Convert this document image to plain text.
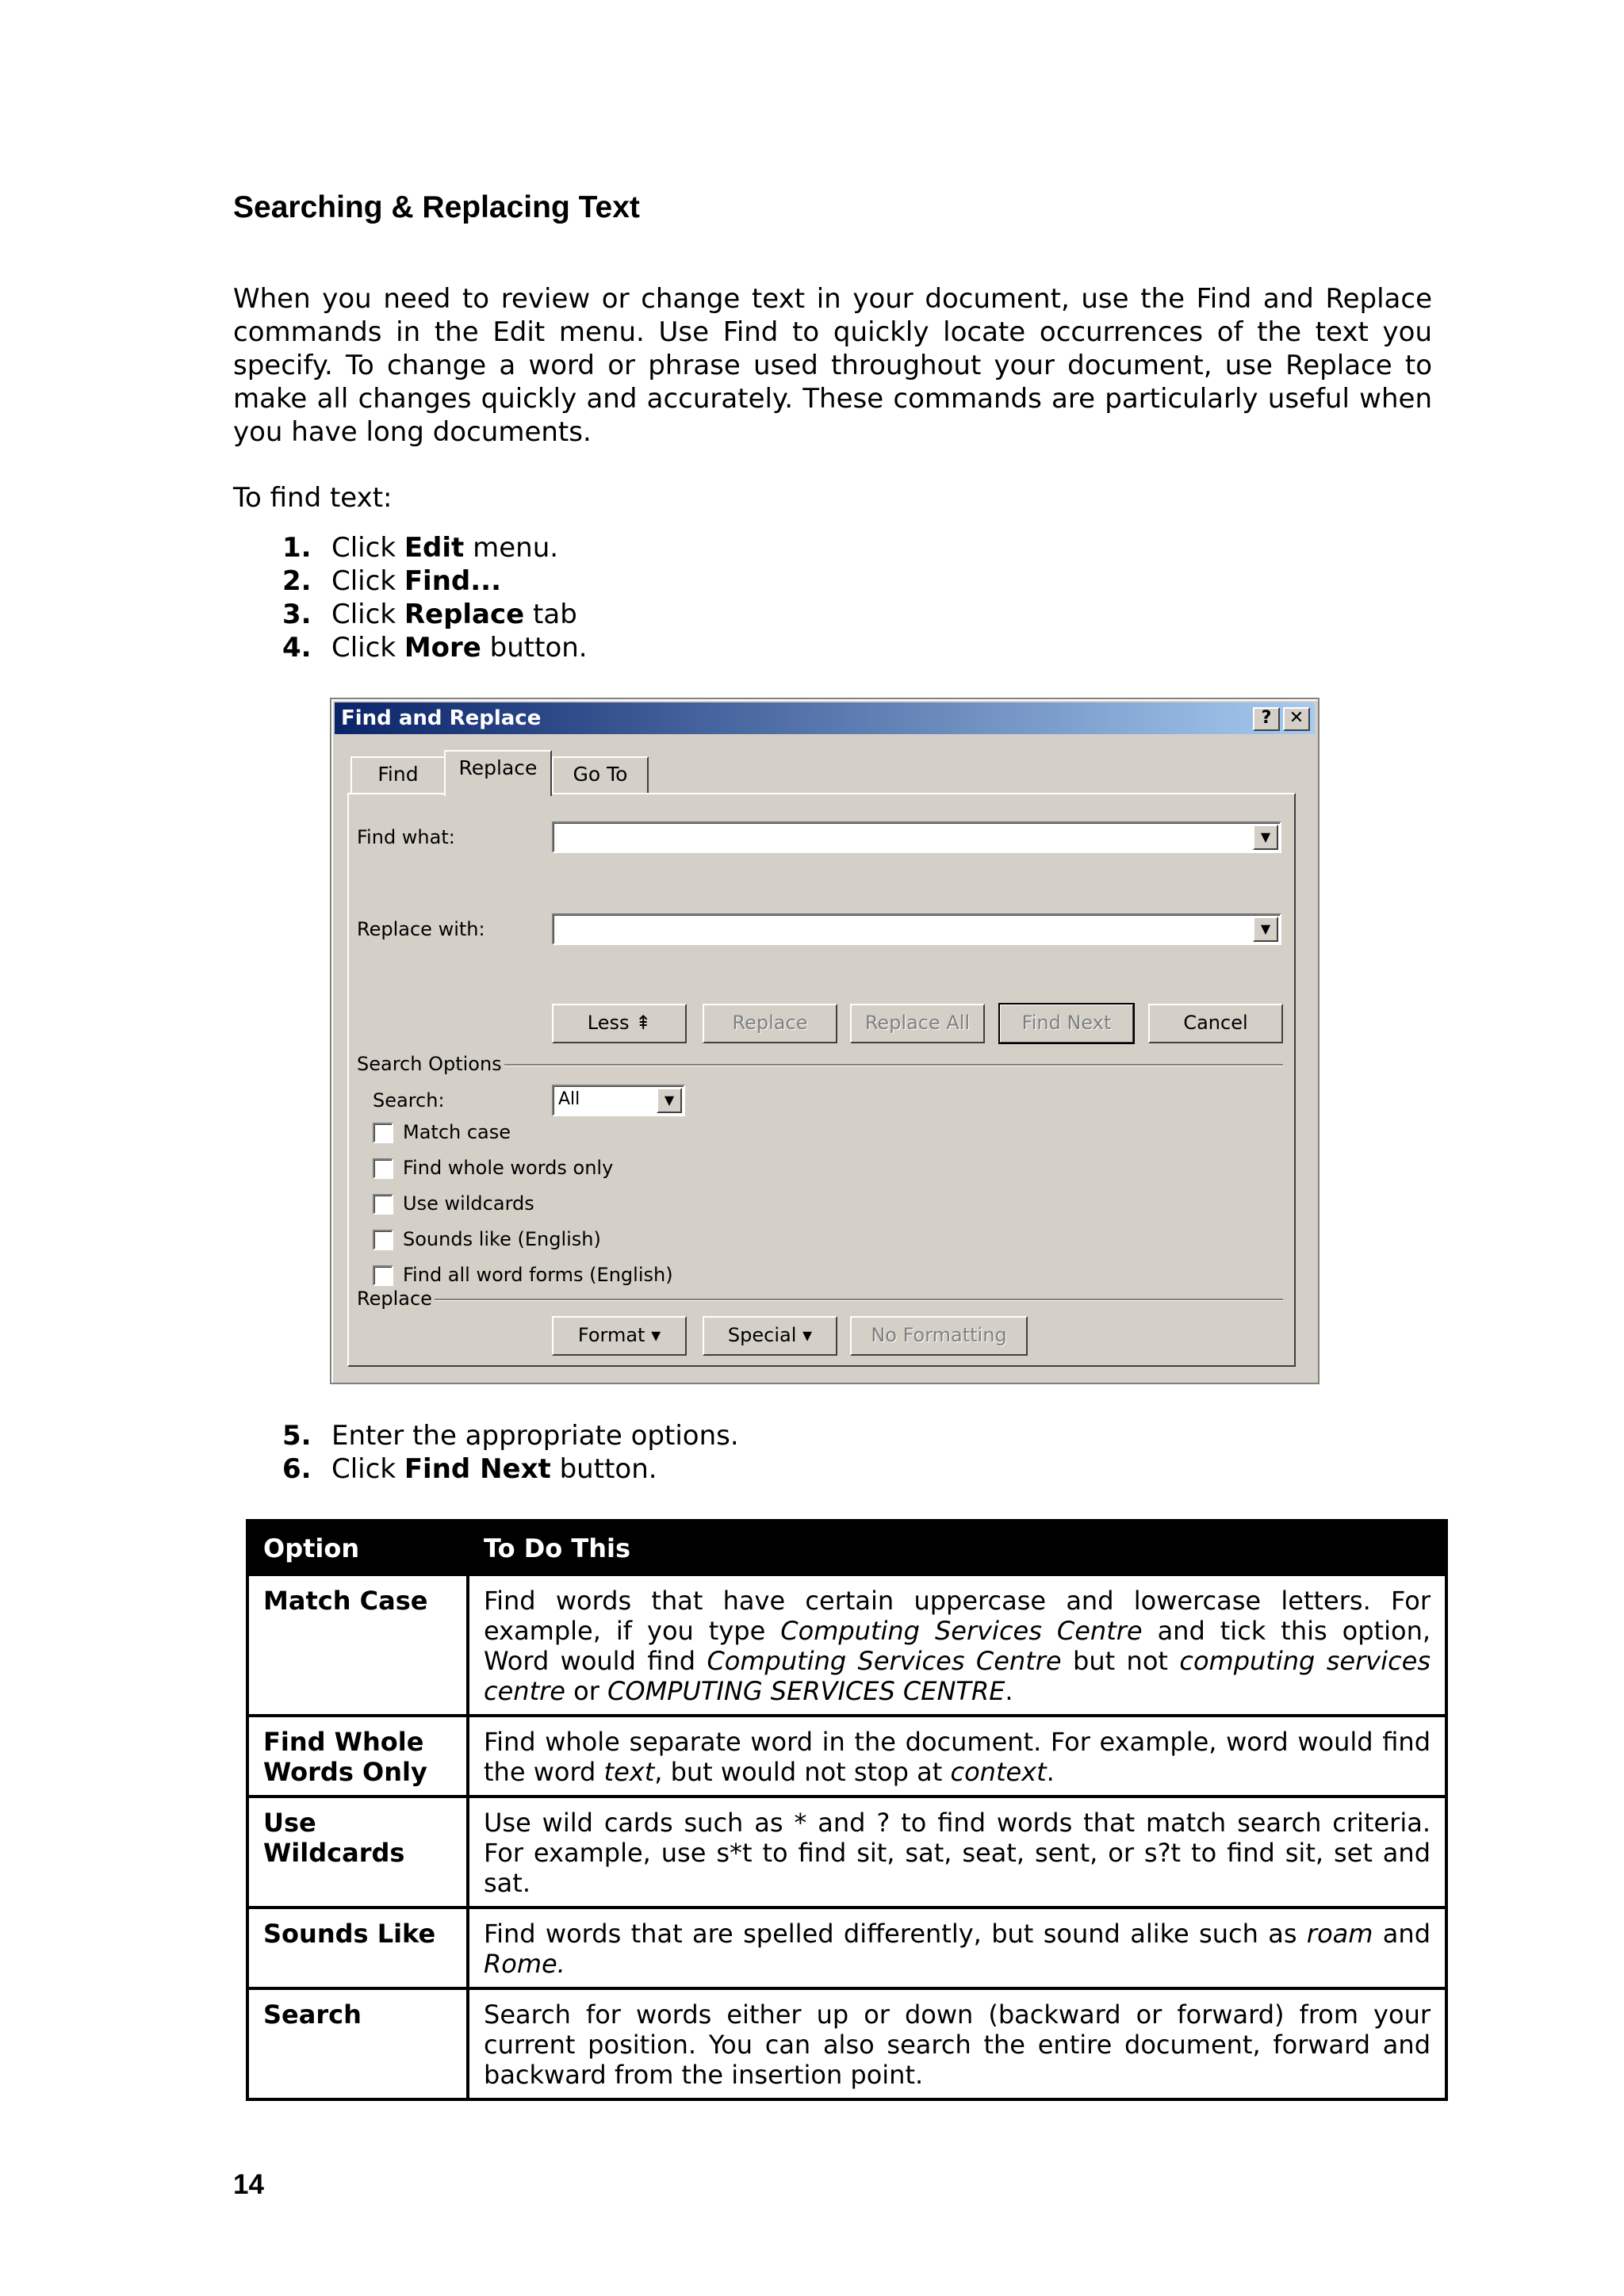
Searching & Replacing Text

When you need to review or change text in your document, use the Find and Replace commands in the Edit menu. Use Find to quickly locate occurrences of the text you specify. To change a word or phrase used throughout your document, use Replace to make all changes quickly and accurately. These commands are particularly useful when you have long documents.

To find text:

1. Click Edit menu.
2. Click Find...
3. Click Replace tab
4. Click More button.
Find and Replace	?	✕
Find	Replace	Go To
Find what:	▼
Replace with:	▼
Less ⇞	Replace	Replace All	Find Next	Cancel
Search Options
Search:	All	▼
Match case
Find whole words only
Use wildcards
Sounds like (English)
Find all word forms (English)
Replace
Format ▾	Special ▾	No Formatting
5. Enter the appropriate options.
6. Click Find Next button.
Option	To Do This
Match Case	Find words that have certain uppercase and lowercase letters. For example, if you type Computing Services Centre and tick this option, Word would find Computing Services Centre but not computing services centre or COMPUTING SERVICES CENTRE.
Find Whole Words Only	Find whole separate word in the document. For example, word would find the word text, but would not stop at context.
Use Wildcards	Use wild cards such as * and ? to find words that match search criteria. For example, use s*t to find sit, sat, seat, sent, or s?t to find sit, set and sat.
Sounds Like	Find words that are spelled differently, but sound alike such as roam and Rome.
Search	Search for words either up or down (backward or forward) from your current position. You can also search the entire document, forward and backward from the insertion point.
14
